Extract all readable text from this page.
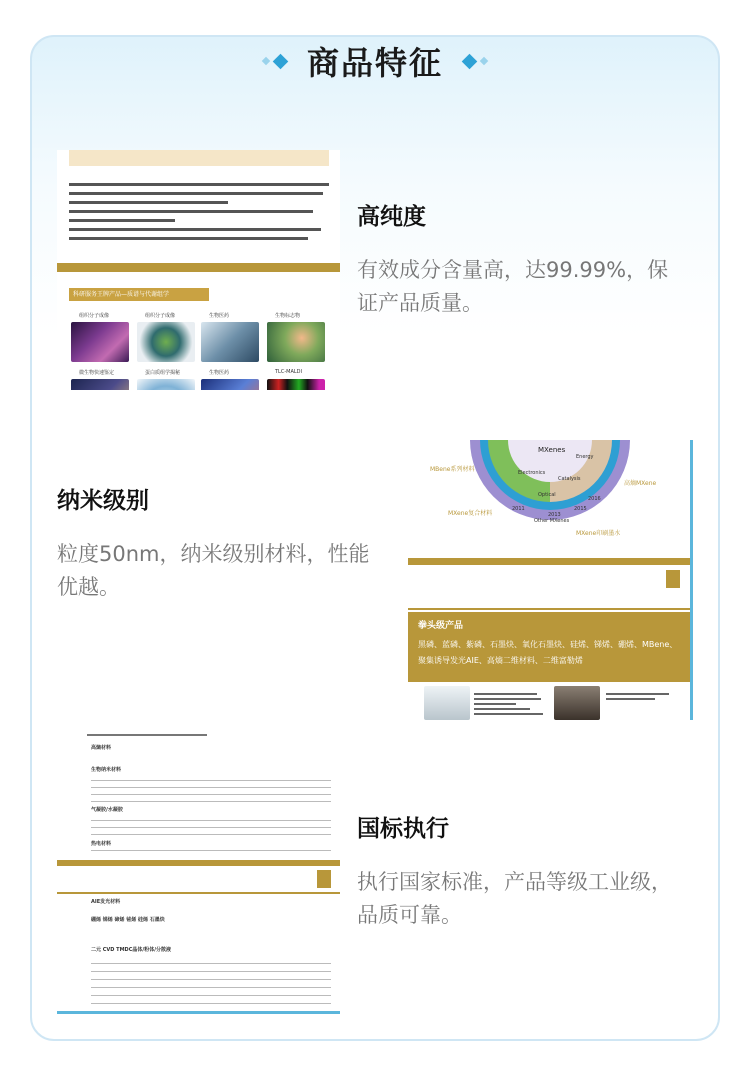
商品特征
科研服务王牌产品—质谱与代谢组学
组织分子成像	组织分子成像	生物医药	生物标志物
微生物快速鉴定	蛋白质组学揭秘	生物医药	TLC-MALDI
高纯度

有效成分含量高，达99.99%，保证产品质量。

纳米级别

粒度50nm，纳米级别材料，性能优越。

MXenes
Energy
Electronics
Catalysis
Optical
2011
2013
2015
2016
MBene系列材料
高熵MXene
MXene复合材料
Other MXenes
MXene印刷墨水
拳头级产品
黑磷、蓝磷、紫磷、石墨炔、氧化石墨炔、硅烯、锑烯、硼烯、MBene、聚集诱导发光AIE、高熵二维材料、二维富勒烯
高熵材料
生物纳米材料
气凝胶/水凝胶
热电材料
AIE发光材料
硼烯 锑烯 碲烯 铋烯 硅烯 石墨炔
二元 CVD TMDC晶体/粉体/分散液
国标执行

执行国家标准，产品等级工业级，品质可靠。
